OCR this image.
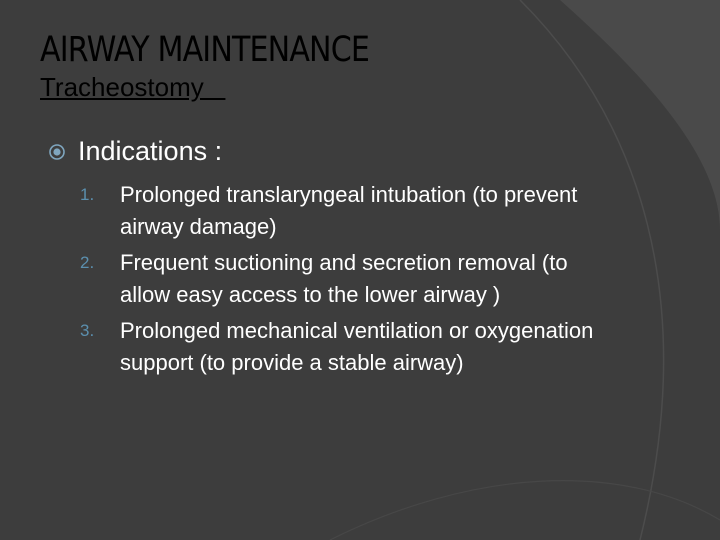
AIRWAY MAINTENANCE
Tracheostomy
Indications :
1.	Prolonged translaryngeal intubation (to prevent airway damage)
2.	Frequent suctioning and secretion removal (to allow easy access to the lower airway )
3.	Prolonged mechanical ventilation or oxygenation support (to provide a stable airway)
